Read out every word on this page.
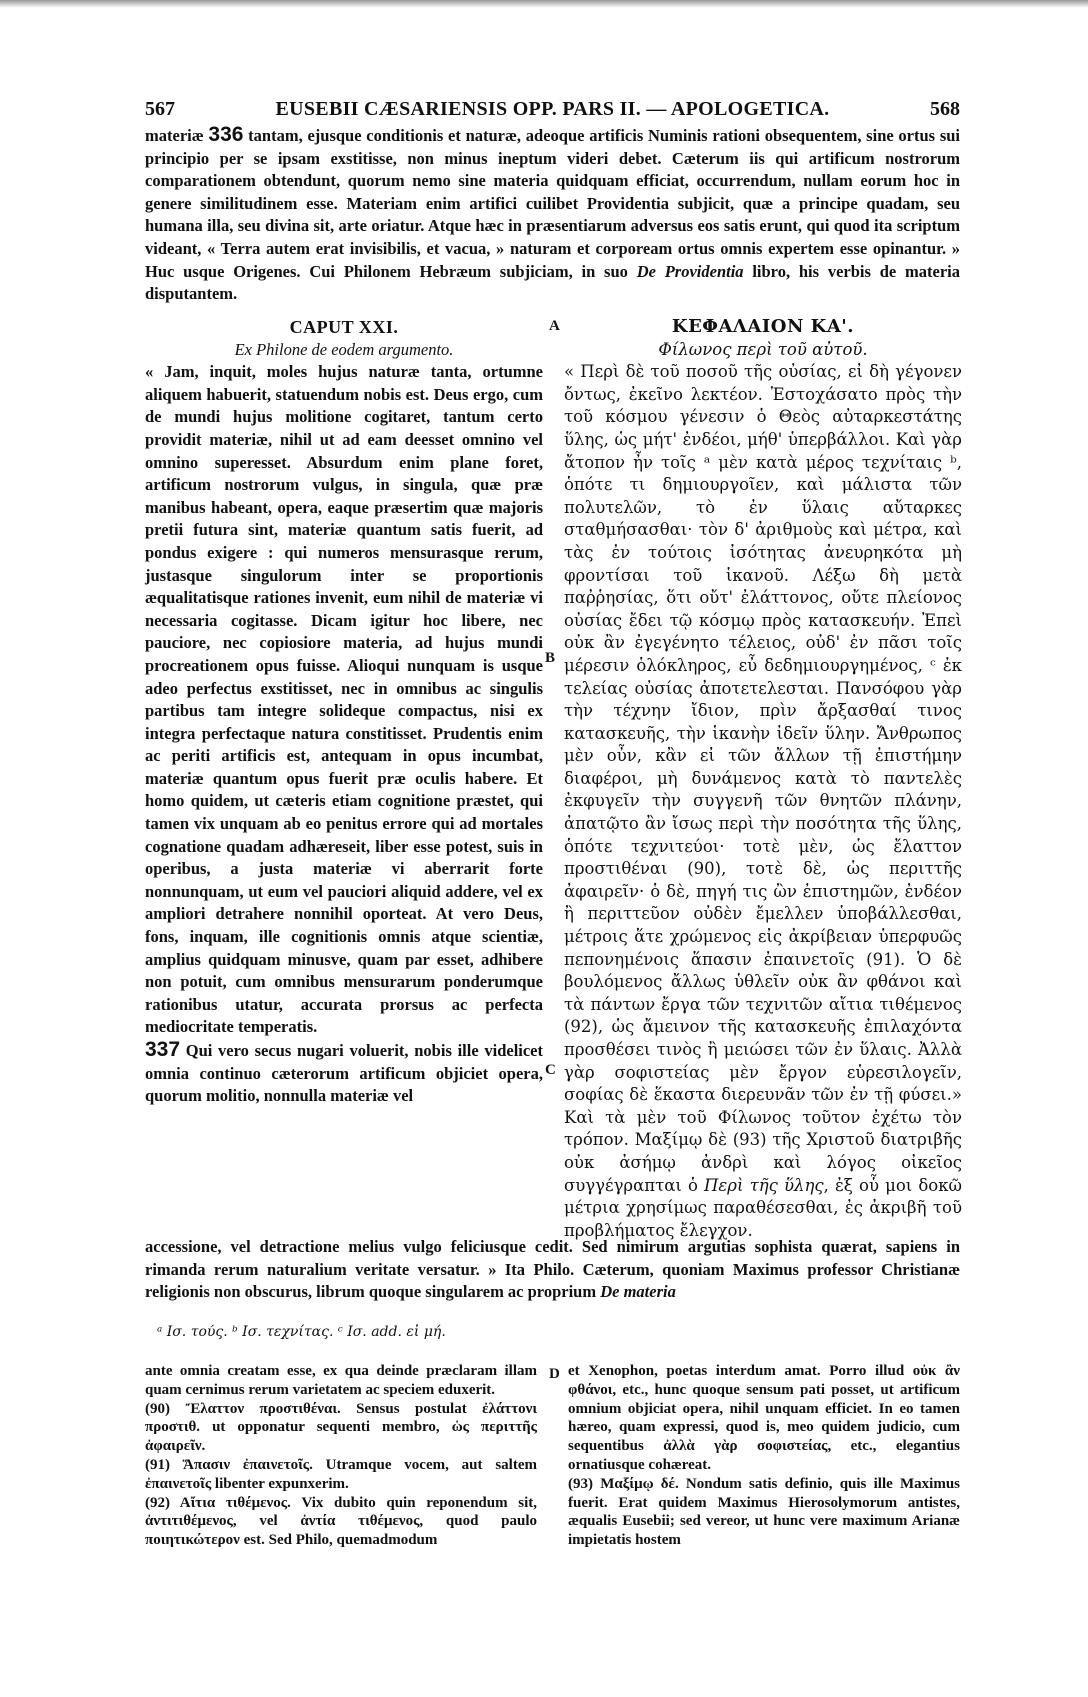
567	EUSEBII CÆSARIENSIS OPP. PARS II. — APOLOGETICA.	568

materiæ 336 tantam, ejusque conditionis et naturæ, adeoque artificis Numinis rationi obsequentem, sine ortus sui principio per se ipsam exstitisse, non minus ineptum videri debet. Cæterum iis qui artificum nostrorum comparationem obtendunt, quorum nemo sine materia quidquam efficiat, occurrendum, nullam eorum hoc in genere similitudinem esse. Materiam enim artifici cuilibet Providentia subjicit, quæ a principe quadam, seu humana illa, seu divina sit, arte oriatur. Atque hæc in præsentiarum adversus eos satis erunt, qui quod ita scriptum videant, « Terra autem erat invisibilis, et vacua, » naturam et corpoream ortus omnis expertem esse opinantur. » Huc usque Origenes. Cui Philonem Hebræum subjiciam, in suo De Providentia libro, his verbis de materia disputantem.

CAPUT XXI.

Ex Philone de eodem argumento.

« Jam, inquit, moles hujus naturæ tanta, ortumne aliquem habuerit, statuendum nobis est. Deus ergo, cum de mundi hujus molitione cogitaret, tantum certo providit materiæ, nihil ut ad eam deesset omnino vel omnino superesset. Absurdum enim plane foret, artificum nostrorum vulgus, in singula, quæ præ manibus habeant, opera, eaque præsertim quæ majoris pretii futura sint, materiæ quantum satis fuerit, ad pondus exigere : qui numeros mensurasque rerum, justasque singulorum inter se proportionis æqualitatisque rationes invenit, eum nihil de materiæ vi necessaria cogitasse. Dicam igitur hoc libere, nec pauciore, nec copiosiore materia, ad hujus mundi procreationem opus fuisse. Alioqui nunquam is usque adeo perfectus exstitisset, nec in omnibus ac singulis partibus tam integre solideque compactus, nisi ex integra perfectaque natura constitisset. Prudentis enim ac periti artificis est, antequam in opus incumbat, materiæ quantum opus fuerit præ oculis habere. Et homo quidem, ut cæteris etiam cognitione præstet, qui tamen vix unquam ab eo penitus errore qui ad mortales cognatione quadam adhæreseit, liber esse potest, suis in operibus, a justa materiæ vi aberrarit forte nonnunquam, ut eum vel pauciori aliquid addere, vel ex ampliori detrahere nonnihil oporteat. At vero Deus, fons, inquam, ille cognitionis omnis atque scientiæ, amplius quidquam minusve, quam par esset, adhibere non potuit, cum omnibus mensurarum ponderumque rationibus utatur, accurata prorsus ac perfecta mediocritate temperatis.

337 Qui vero secus nugari voluerit, nobis ille videlicet omnia continuo cæterorum artificum objiciet opera, quorum molitio, nonnulla materiæ vel

ΚΕΦΑΛΑΙΟΝ ΚΑ'.

Φίλωνος περὶ τοῦ αὐτοῦ.

« Περὶ δὲ τοῦ ποσοῦ τῆς οὐσίας, εἰ δὴ γέγονεν ὄντως, ἐκεῖνο λεκτέον. Ἐστοχάσατο πρὸς τὴν τοῦ κόσμου γένεσιν ὁ Θεὸς αὐταρκεστάτης ὕλης, ὡς μήτ' ἐνδέοι, μήθ' ὑπερβάλλοι. Καὶ γὰρ ἄτοπον ἦν τοῖς ᵃ μὲν κατὰ μέρος τεχνίταις ᵇ, ὁπότε τι δημιουργοῖεν, καὶ μάλιστα τῶν πολυτελῶν, τὸ ἐν ὕλαις αὔταρκες σταθμήσασθαι· τὸν δ' ἀριθμοὺς καὶ μέτρα, καὶ τὰς ἐν τούτοις ἰσότητας ἀνευρηκότα μὴ φροντίσαι τοῦ ἱκανοῦ. Λέξω δὴ μετὰ παῤῥησίας, ὅτι οὔτ' ἐλάττονος, οὔτε πλείονος οὐσίας ἔδει τῷ κόσμῳ πρὸς κατασκευήν. Ἐπεὶ οὐκ ἂν ἐγεγένητο τέλειος, οὐδ' ἐν πᾶσι τοῖς μέρεσιν ὁλόκληρος, εὖ δεδημιουργημένος, ᶜ ἐκ τελείας οὐσίας ἀποτετελεσται. Πανσόφου γὰρ τὴν τέχνην ἴδιον, πρὶν ἄρξασθαί τινος κατασκευῆς, τὴν ἱκανὴν ἰδεῖν ὕλην. Ἄνθρωπος μὲν οὖν, κἂν εἰ τῶν ἄλλων τῇ ἐπιστήμην διαφέροι, μὴ δυνάμενος κατὰ τὸ παντελὲς ἐκφυγεῖν τὴν συγγενῆ τῶν θνητῶν πλάνην, ἀπατῷτο ἂν ἴσως περὶ τὴν ποσότητα τῆς ὕλης, ὁπότε τεχνιτεύοι· τοτὲ μὲν, ὡς ἔλαττον προστιθέναι (90), τοτὲ δὲ, ὡς περιττῆς ἀφαιρεῖν· ὁ δὲ, πηγή τις ὢν ἐπιστημῶν, ἐνδέον ἢ περιττεῦον οὐδὲν ἔμελλεν ὑποβάλλεσθαι, μέτροις ἅτε χρώμενος εἰς ἀκρίβειαν ὑπερφυῶς πεπονημένοις ἅπασιν ἐπαινετοῖς (91). Ὁ δὲ βουλόμενος ἄλλως ὑθλεῖν οὐκ ἂν φθάνοι καὶ τὰ πάντων ἔργα τῶν τεχνιτῶν αἴτια τιθέμενος (92), ὡς ἄμεινον τῆς κατασκευῆς ἐπιλαχόντα προσθέσει τινὸς ἢ μειώσει τῶν ἐν ὕλαις. Ἀλλὰ γὰρ σοφιστείας μὲν ἔργον εὑρεσιλογεῖν, σοφίας δὲ ἕκαστα διερευνᾶν τῶν ἐν τῇ φύσει.» Καὶ τὰ μὲν τοῦ Φίλωνος τοῦτον ἐχέτω τὸν τρόπον. Μαξίμῳ δὲ (93) τῆς Χριστοῦ διατριβῆς οὐκ ἀσήμῳ ἀνδρὶ καὶ λόγος οἰκεῖος συγγέγραπται ὁ Περὶ τῆς ὕλης, ἐξ οὗ μοι δοκῶ μέτρια χρησίμως παραθέσεσθαι, ἐς ἀκριβῆ τοῦ προβλήματος ἔλεγχον.

A
B
C
D

accessione, vel detractione melius vulgo feliciusque cedit. Sed nimirum argutias sophista quærat, sapiens in rimanda rerum naturalium veritate versatur. » Ita Philo. Cæterum, quoniam Maximus professor Christianæ religionis non obscurus, librum quoque singularem ac proprium De materia

ᵃ Ισ. τούς. ᵇ Ισ. τεχνίτας. ᶜ Ισ. add. εἰ μή.

ante omnia creatam esse, ex qua deinde præclaram illam quam cernimus rerum varietatem ac speciem eduxerit.

(90) Ἔλαττον προστιθέναι. Sensus postulat ἐλάττονι προστιθ. ut opponatur sequenti membro, ὡς περιττῆς ἀφαιρεῖν.

(91) Ἅπασιν ἐπαινετοῖς. Utramque vocem, aut saltem ἐπαινετοῖς libenter expunxerim.

(92) Αἴτια τιθέμενος. Vix dubito quin reponendum sit, ἀντιτιθέμενος, vel ἀντία τιθέμενος, quod paulo ποιητικώτερον est. Sed Philo, quemadmodum

et Xenophon, poetas interdum amat. Porro illud οὐκ ἂν φθάνοι, etc., hunc quoque sensum pati posset, ut artificum omnium objiciat opera, nihil unquam efficiet. In eo tamen hæreo, quam expressi, quod is, meo quidem judicio, cum sequentibus ἀλλὰ γὰρ σοφιστείας, etc., elegantius ornatiusque cohæreat.

(93) Μαξίμῳ δέ. Nondum satis definio, quis ille Maximus fuerit. Erat quidem Maximus Hierosolymorum antistes, æqualis Eusebii; sed vereor, ut hunc vere maximum Arianæ impietatis hostem
